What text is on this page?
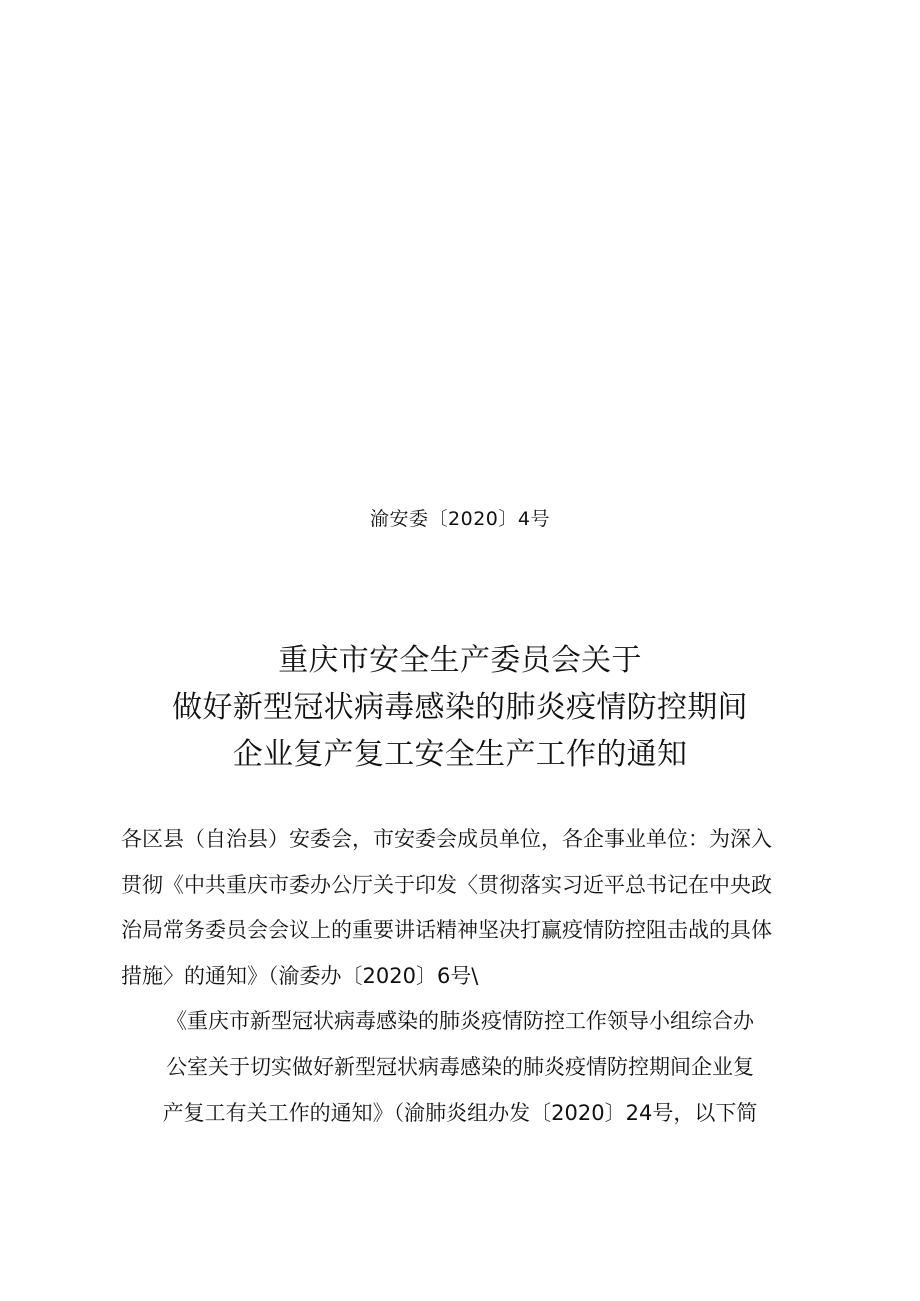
渝安委〔2020〕4号
重庆市安全生产委员会关于
做好新型冠状病毒感染的肺炎疫情防控期间
企业复产复工安全生产工作的通知
各区县（自治县）安委会，市安委会成员单位，各企事业单位：为深入
贯彻《中共重庆市委办公厅关于印发〈贯彻落实习近平总书记在中央政
治局常务委员会会议上的重要讲话精神坚决打赢疫情防控阻击战的具体
措施〉的通知》（渝委办〔2020〕6号\
《重庆市新型冠状病毒感染的肺炎疫情防控工作领导小组综合办
公室关于切实做好新型冠状病毒感染的肺炎疫情防控期间企业复
产复工有关工作的通知》（渝肺炎组办发〔2020〕24号，以下简
